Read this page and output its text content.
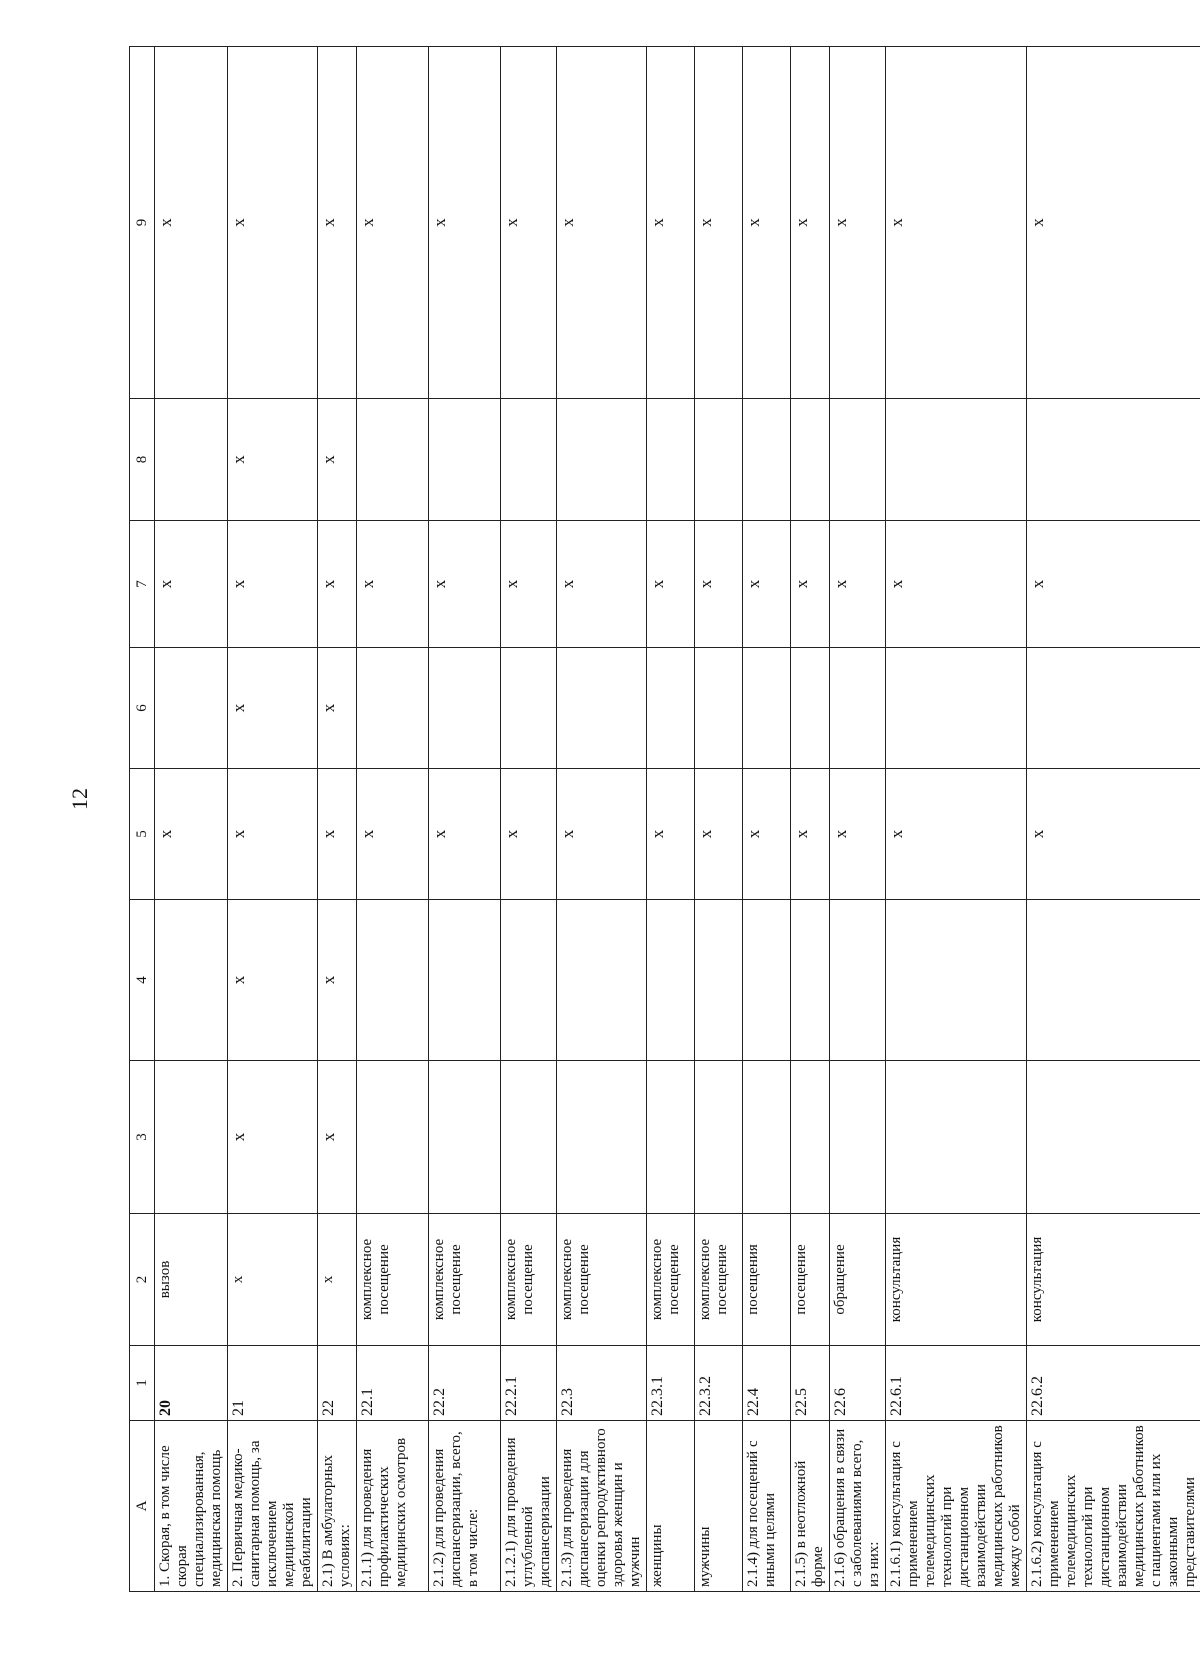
12
А	1	2	3	4	5	6	7	8	9
1. Скорая, в том числе скорая специализированная, медицинская помощь	20	вызов			х		х		х
2. Первичная медико-санитарная помощь, за исключением медицинской реабилитации	21	х	х	х	х	х	х	х	х
2.1) В амбулаторных условиях:	22	х	х	х	х	х	х	х	х
2.1.1) для проведения профилактических медицинских осмотров	22.1	комплексное посещение			х		х		х
2.1.2) для проведения диспансеризации, всего, в том числе:	22.2	комплексное посещение			х		х		х
2.1.2.1) для проведения углубленной диспансеризации	22.2.1	комплексное посещение			х		х		х
2.1.3) для проведения диспансеризации для оценки репродуктивного здоровья женщин и мужчин	22.3	комплексное посещение			х		х		х
женщины	22.3.1	комплексное посещение			х		х		х
мужчины	22.3.2	комплексное посещение			х		х		х
2.1.4) для посещений с иными целями	22.4	посещения			х		х		х
2.1.5) в неотложной форме	22.5	посещение			х		х		х
2.1.6) обращения в связи с заболеваниями всего, из них:	22.6	обращение			х		х		х
2.1.6.1) консультация с применением телемедицинских технологий при дистанционном взаимодействии медицинских работников между собой	22.6.1	консультация			х		х		х
2.1.6.2) консультация с применением телемедицинских технологий при дистанционном взаимодействии медицинских работников с пациентами или их законными представителями	22.6.2	консультация			х		х		х
